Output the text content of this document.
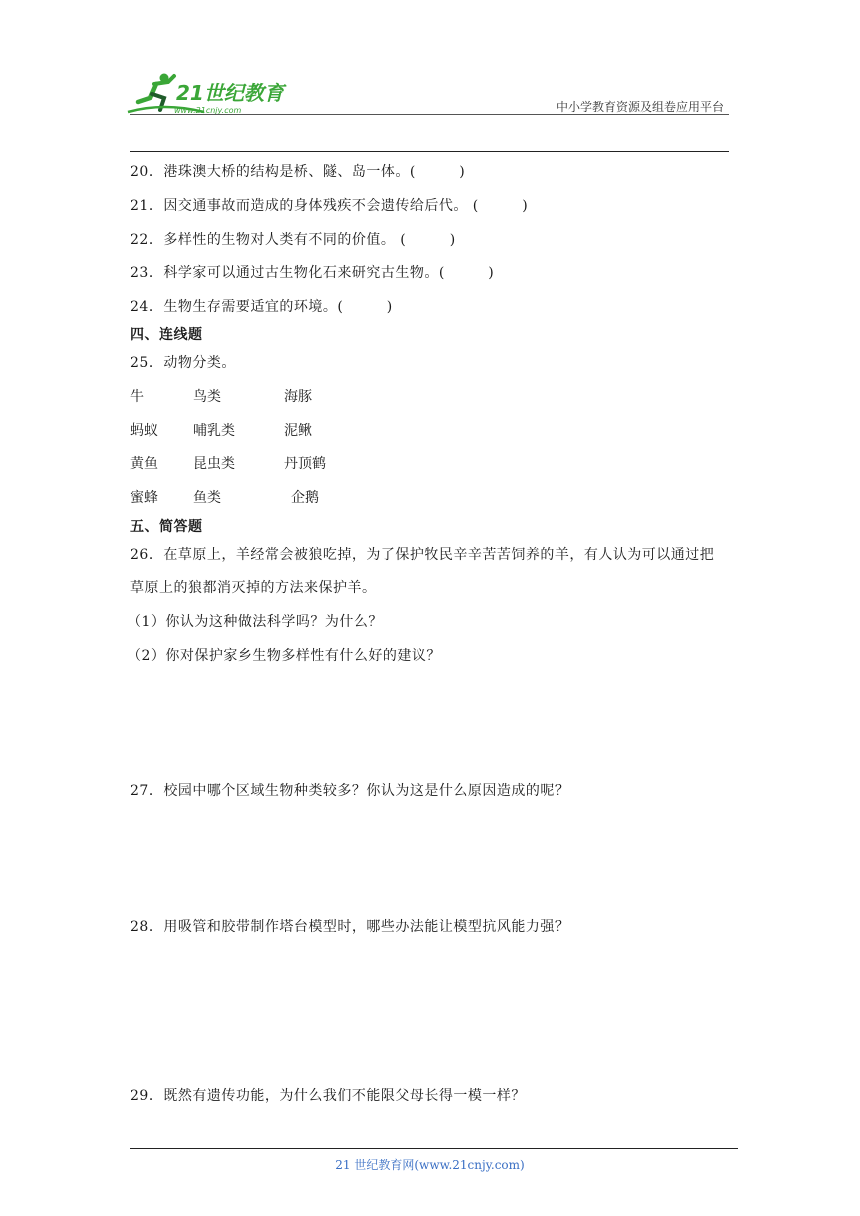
21世纪教育
www.21cnjy.com	中小学教育资源及组卷应用平台
20．港珠澳大桥的结构是桥、隧、岛一体。(　　　)
21．因交通事故而造成的身体残疾不会遗传给后代。 (　　　)
22．多样性的生物对人类有不同的价值。 (　　　)
23．科学家可以通过古生物化石来研究古生物。(　　　)
24．生物生存需要适宜的环境。(　　　)
四、连线题
25．动物分类。
牛	鸟类	海豚
蚂蚁	哺乳类	泥鳅
黄鱼	昆虫类	丹顶鹤
蜜蜂	鱼类	企鹅
五、简答题
26．在草原上，羊经常会被狼吃掉，为了保护牧民辛辛苦苦饲养的羊，有人认为可以通过把
草原上的狼都消灭掉的方法来保护羊。
（1）你认为这种做法科学吗？为什么？
（2）你对保护家乡生物多样性有什么好的建议？
27．校园中哪个区域生物种类较多？你认为这是什么原因造成的呢？
28．用吸管和胶带制作塔台模型时，哪些办法能让模型抗风能力强？
29．既然有遗传功能，为什么我们不能限父母长得一模一样？
21 世纪教育网(www.21cnjy.com)
